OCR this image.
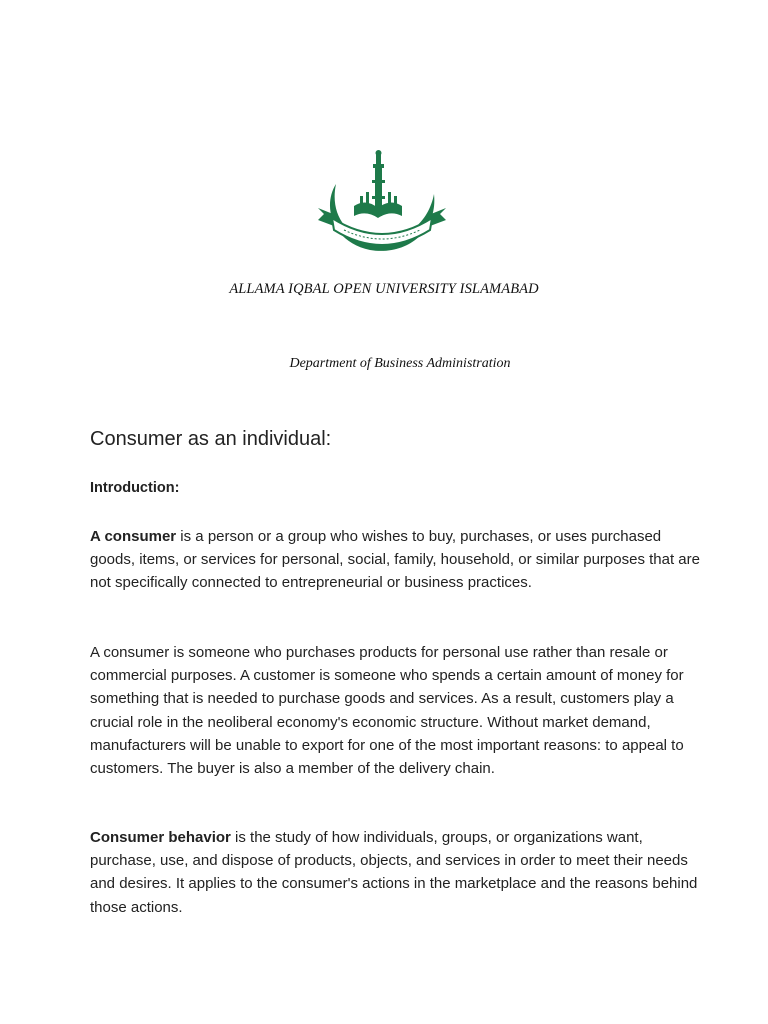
ALLAMA IQBAL OPEN UNIVERSITY ISLAMABAD
Department of Business Administration
Consumer as an individual:
Introduction:

A consumer is a person or a group who wishes to buy, purchases, or uses purchased goods, items, or services for personal, social, family, household, or similar purposes that are not specifically connected to entrepreneurial or business practices.

A consumer is someone who purchases products for personal use rather than resale or commercial purposes. A customer is someone who spends a certain amount of money for something that is needed to purchase goods and services. As a result, customers play a crucial role in the neoliberal economy's economic structure. Without market demand, manufacturers will be unable to export for one of the most important reasons: to appeal to customers. The buyer is also a member of the delivery chain.

Consumer behavior is the study of how individuals, groups, or organizations want, purchase, use, and dispose of products, objects, and services in order to meet their needs and desires. It applies to the consumer's actions in the marketplace and the reasons behind those actions.
